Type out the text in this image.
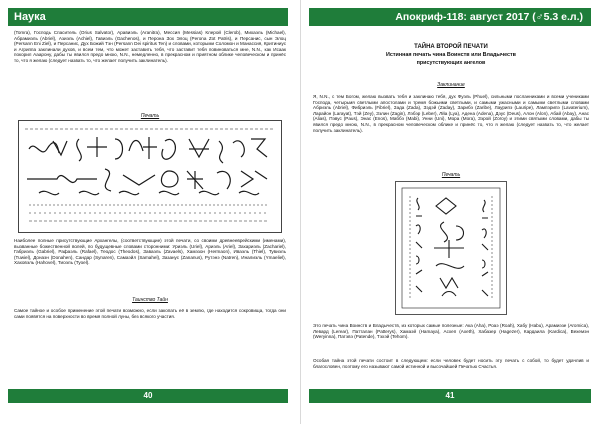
Наука
(Tomra), Господь Спаситель (Orius Salvator), Аравиэль (Aranitra), Мессия (Messias) Клерой (Clerob), Михаэль (Michael), Абрамиэль (Abriel), Азиэль (Achiel), Гавиэль (Gachenos), и Перона Зох Элоц (Perona Zot Patris), и Персанис, сын Элоц (Persann Eni Ziel), и Персанис, Дух Божий Тэн (Persann Dei spiritus Ten) и словами, которыми Соломон и Манассия, Критиниус и Агриппа заклинали духов, и всем тем, что может заставить тебя, что заставит тебя повиноваться мне, N.N., как Исаак покорил Ааарону, дабы ты явился предо мною, N.N., немедленно, в прекрасном и приятном облике человеческом и принёс то, что я желаю (следует назвать то, что желает получить заклинатель).
Печать
Наиболее полные присутствующие Архангелы, (соответствующие) этой печати, со своими древнееврейскими (именами), вызванные божественной волей, по будущевные словами сторонними: Уриэль (Uriel), Ариэль (Ariel), Захариэль (Zachariel), Габриэль (Gabriel), Рафаэль (Rafael), Теодос (Theodos), Заваэль (Zavaels), Хамэзон (Hermaon), Иваэль (Thiel), Тувиэль (Tuwiel), Донаэн (Donahen), Сандар (Synaren), Самаэйл (Samahel), Зазанус (Zananus), Рутэнэ (Natren), Иналиэль (Ymaeliel), Хаховэль (Hahovel), Тиоэль (Tyoel).
Таинство Тайн
Самое тайное и особое применение этой печати возможно, если закопать её в землю, где находится сокровища, тогда они сами появятся на поверхности во время полной луны, без всякого участия.
40
Апокриф-118: август 2017 (♂5.3 е.л.)
ТАЙНА ВТОРОЙ ПЕЧАТИ
Истинная печать чина Воинств или Владычеств
присутствующих ангелов
Заклинание
Я, N.N., с тем Богом, желаю вызвать тебя и заклинаю тебя, дух Фуэль (Phuel), сильными посланниками и всеми учениками Господа, четырьмя светлыми апостолами и тремя божьими светлыми, и самыми ужасными и самыми светлыми словами Абриэль (Abriel), Фибриэль (Fibriel), Зада (Zada), Зэдэй (Zaday), Зарибэ (Zaribe), Лаурипэ (Lauripe), Лампэрипэ (Lavaterium), Ларайон (Larayat), Тэй (Zey), Зэлин (Zagin), Лэбэр (Leber), Лйа (Lya), Адена (Adena), Дэус (Deus), Алон (Alon), Абай (Abay), Анас (Alias), Пэвус (Paus), Энас (Enos), Маббэ (Mabi), Унни (Uni), Мора (Mora), Зэрой (Zoroy) и этими святыми словами, дабы ты явился предо мною, N.N., в прекрасном человеческом облике и принёс то, что я желаю (следует назвать то, что желает получить заклинатель).
Печать
Это печать чина Воинств и Владычеств, из которых самые полезные: Ака (Aha), Роаэ (Roah), Хабу (Habu), Арамиэзе (Aromica), Левард (Lerear), Патталан (Patterys), Хамаэй (Hamaya), Асхеп (Axeth), Хабазер (Hagezer), Кардаила (Kardica), Вехемэн (Weryinna), Патэвэ (Patende), Тэхэй (Tehom).
Особая тайна этой печати состоит в следующем: если человек будет носить эту печать с собой, то будет удачлив и благословен, поэтому его называют самой истинной и высочайшей Печатью Счастья.
41
